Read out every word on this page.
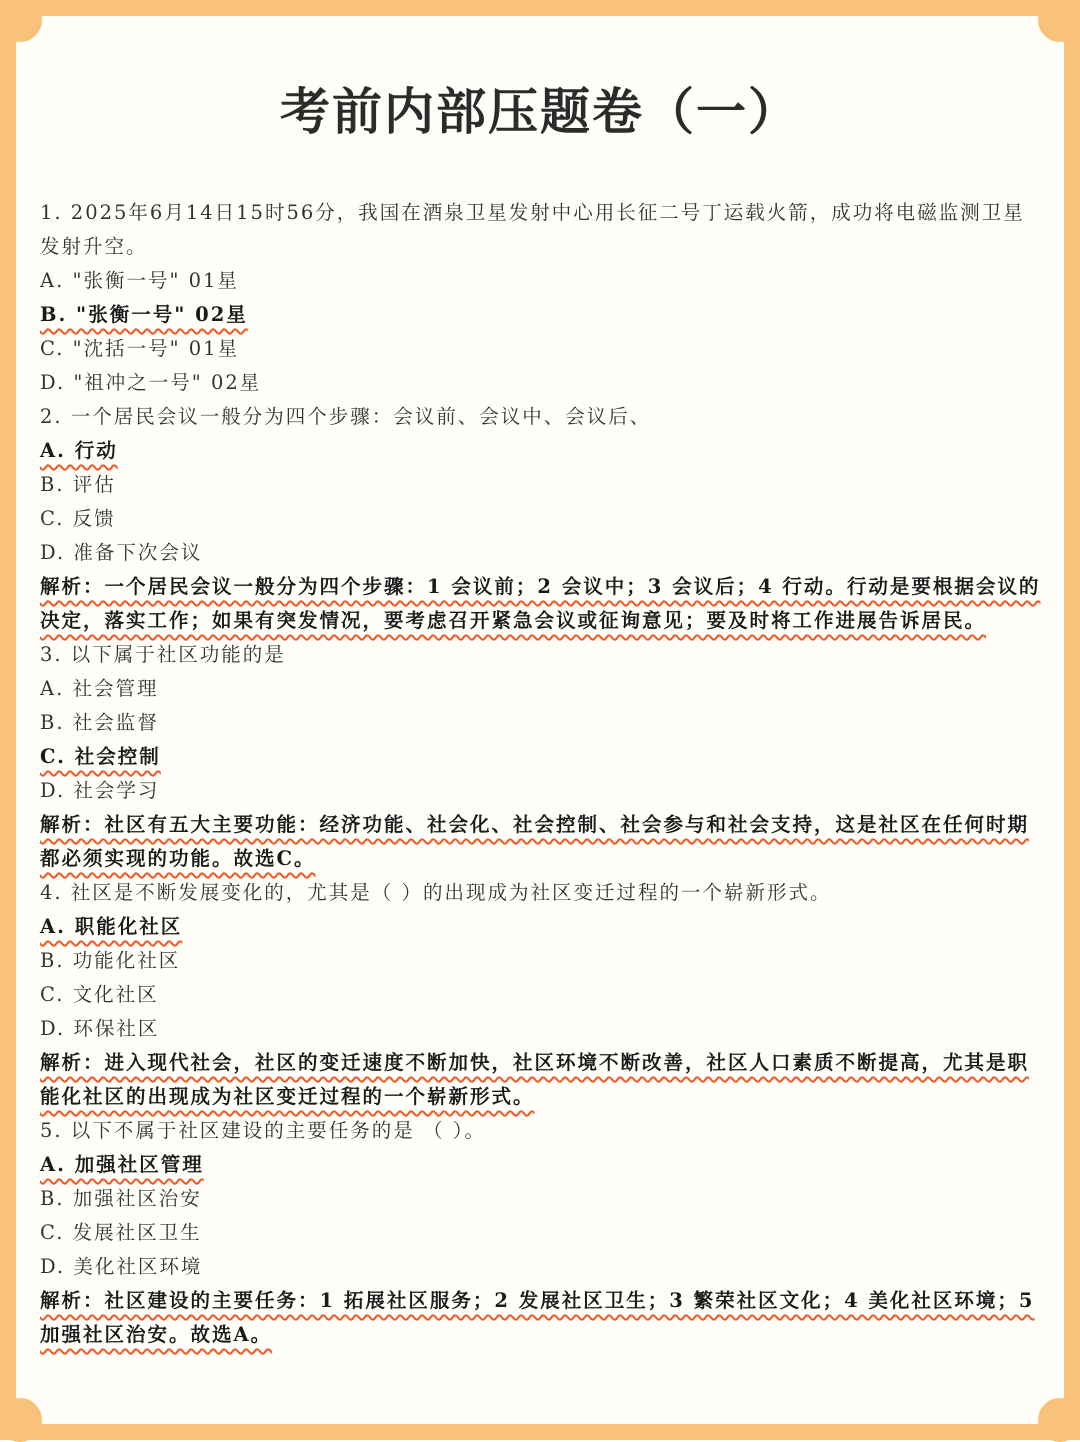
考前内部压题卷（一）
1. 2025年6月14日15时56分，我国在酒泉卫星发射中心用长征二号丁运载火箭，成功将电磁监测卫星发射升空。
A. "张衡一号" 01星
B. "张衡一号" 02星
C. "沈括一号" 01星
D. "祖冲之一号" 02星
2. 一个居民会议一般分为四个步骤：会议前、会议中、会议后、
A. 行动
B. 评估
C. 反馈
D. 准备下次会议
解析：一个居民会议一般分为四个步骤：1 会议前；2 会议中；3 会议后；4 行动。行动是要根据会议的决定，落实工作；如果有突发情况，要考虑召开紧急会议或征询意见；要及时将工作进展告诉居民。
3. 以下属于社区功能的是
A. 社会管理
B. 社会监督
C. 社会控制
D. 社会学习
解析：社区有五大主要功能：经济功能、社会化、社会控制、社会参与和社会支持，这是社区在任何时期都必须实现的功能。故选C。
4. 社区是不断发展变化的，尤其是（ ）的出现成为社区变迁过程的一个崭新形式。
A. 职能化社区
B. 功能化社区
C. 文化社区
D. 环保社区
解析：进入现代社会，社区的变迁速度不断加快，社区环境不断改善，社区人口素质不断提高，尤其是职能化社区的出现成为社区变迁过程的一个崭新形式。
5. 以下不属于社区建设的主要任务的是 （ ）。
A. 加强社区管理
B. 加强社区治安
C. 发展社区卫生
D. 美化社区环境
解析：社区建设的主要任务：1 拓展社区服务；2 发展社区卫生；3 繁荣社区文化；4 美化社区环境；5 加强社区治安。故选A。
